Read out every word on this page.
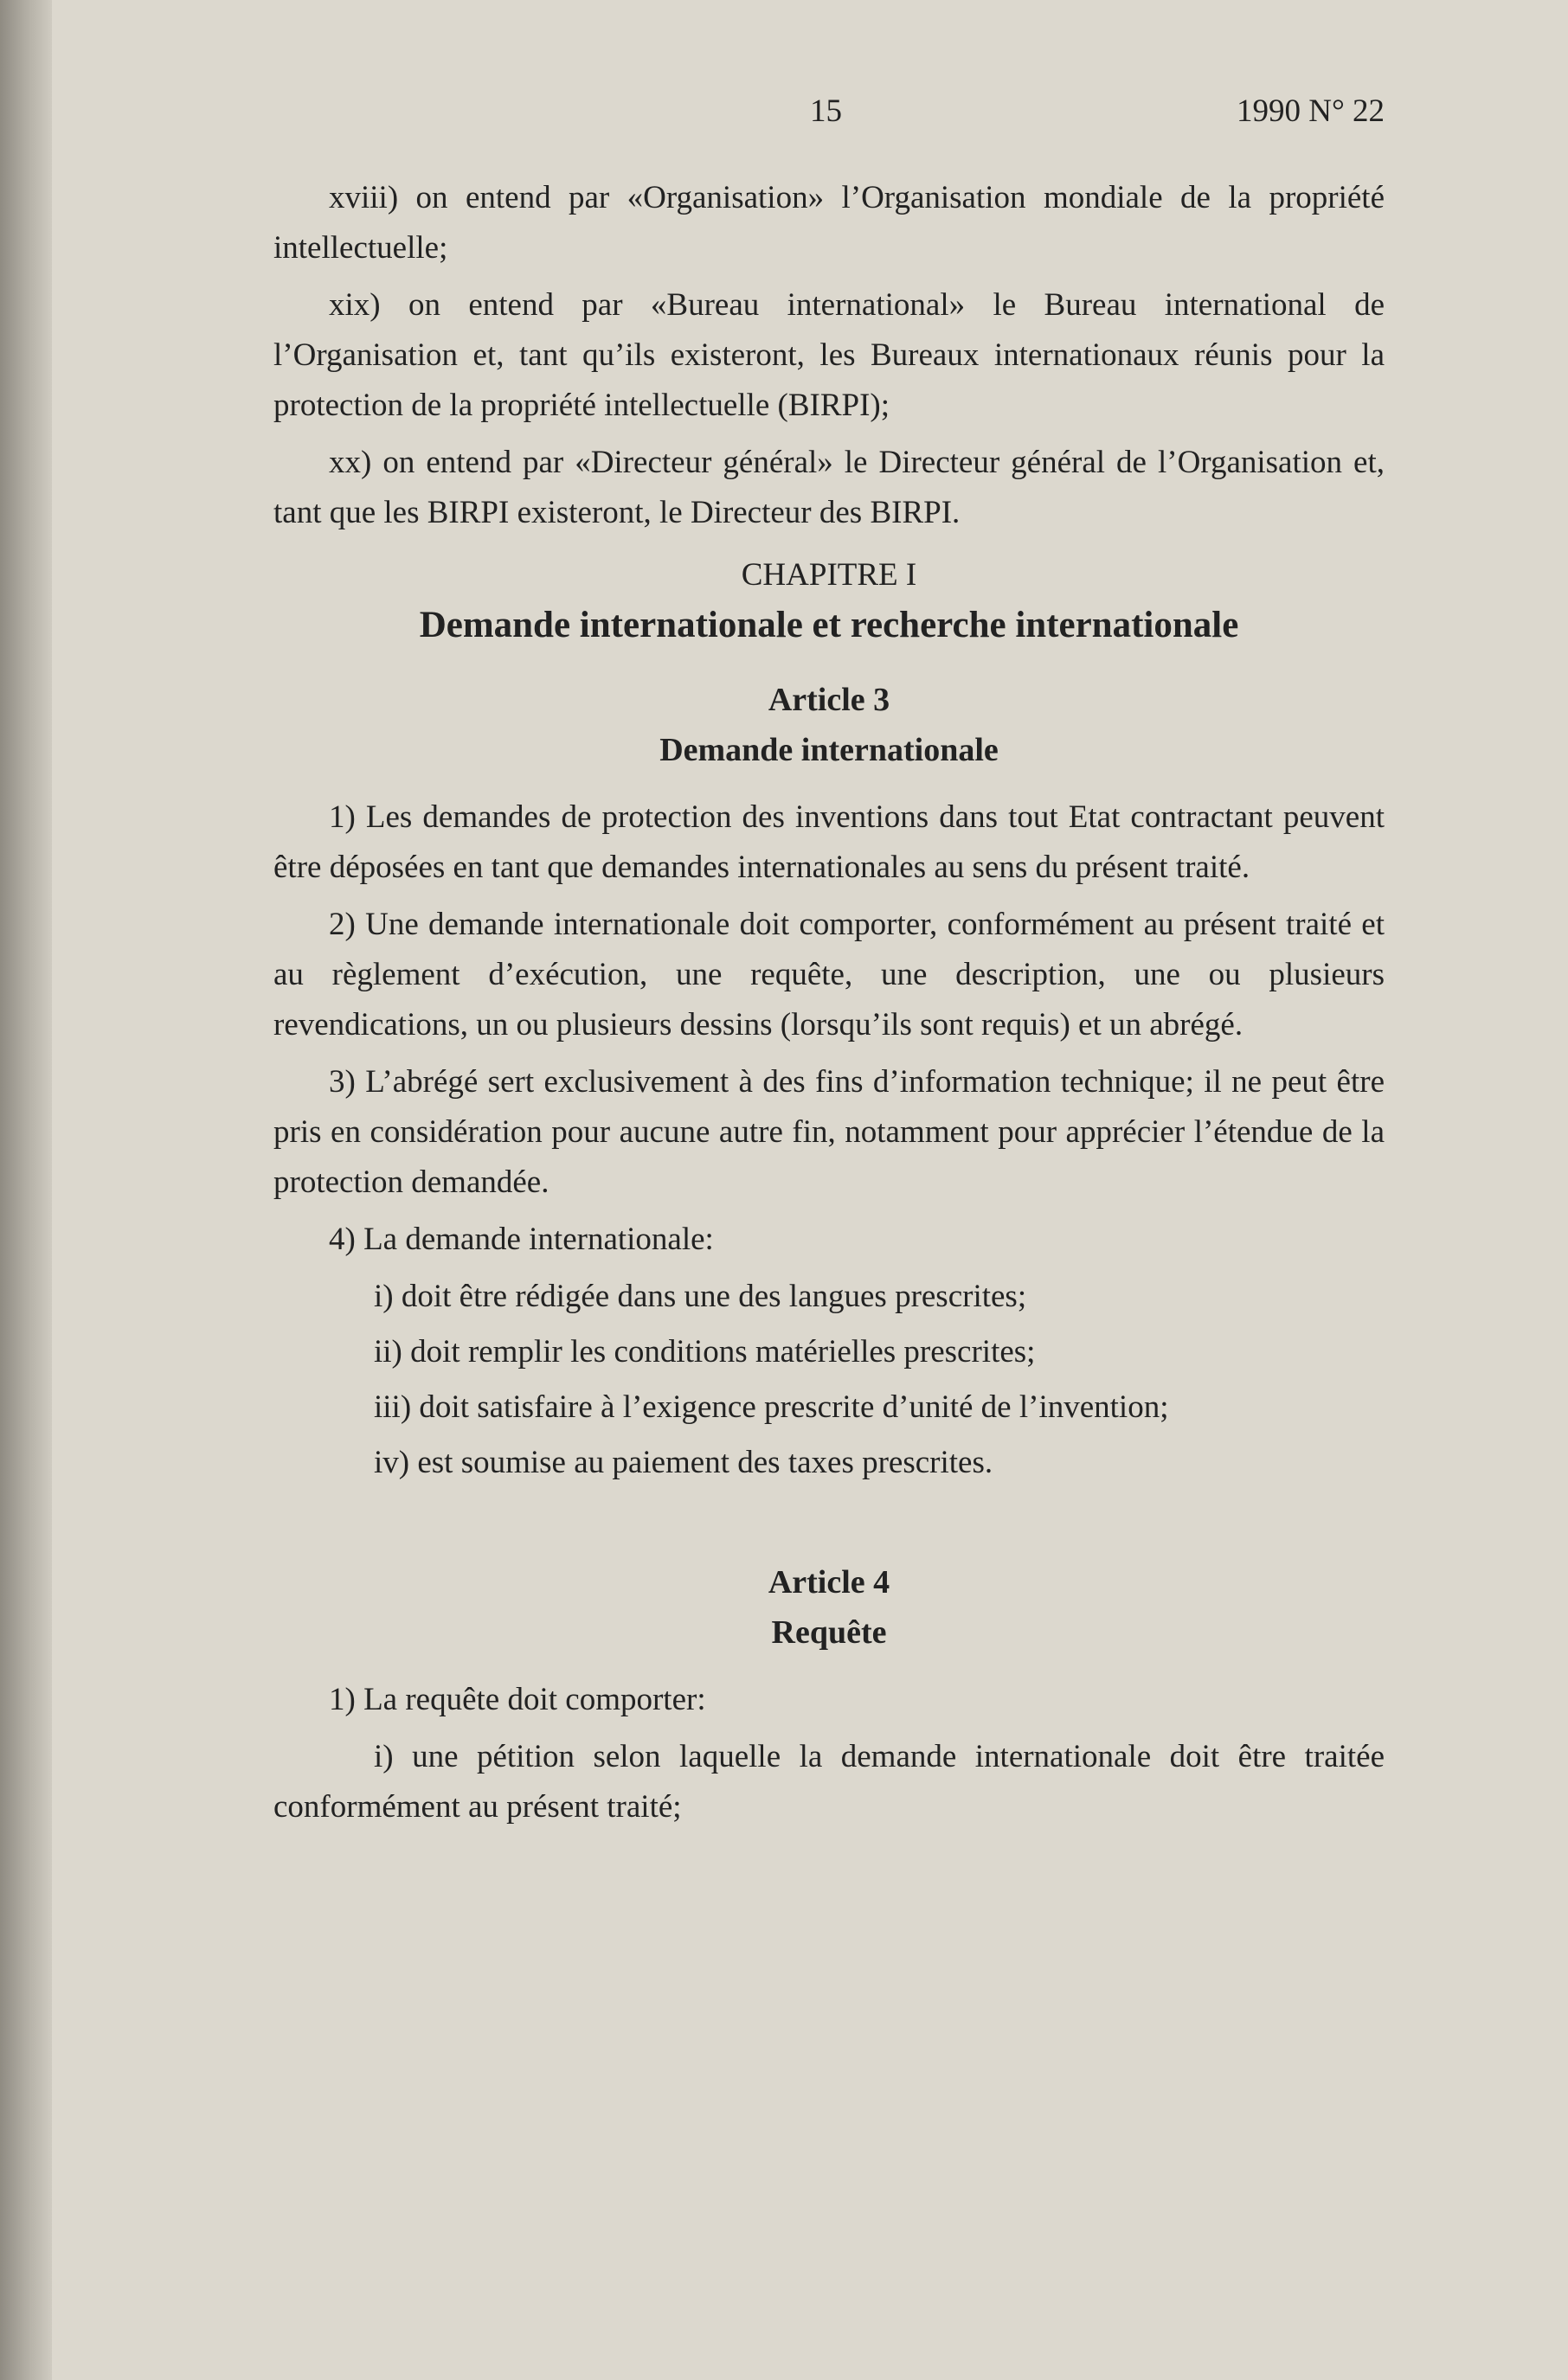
15	1990 N° 22

xviii) on entend par «Organisation» l’Organisation mondiale de la propriété intellectuelle;

xix) on entend par «Bureau international» le Bureau international de l’Organisation et, tant qu’ils existeront, les Bureaux internationaux réunis pour la protection de la propriété intellectuelle (BIRPI);

xx) on entend par «Directeur général» le Directeur général de l’Organisation et, tant que les BIRPI existeront, le Directeur des BIRPI.

CHAPITRE I
Demande internationale et recherche internationale
Article 3
Demande internationale

1) Les demandes de protection des inventions dans tout Etat contractant peuvent être déposées en tant que demandes internationales au sens du présent traité.

2) Une demande internationale doit comporter, conformément au présent traité et au règlement d’exécution, une requête, une description, une ou plusieurs revendications, un ou plusieurs dessins (lorsqu’ils sont requis) et un abrégé.

3) L’abrégé sert exclusivement à des fins d’information technique; il ne peut être pris en considération pour aucune autre fin, notamment pour apprécier l’étendue de la protection demandée.

4) La demande internationale:

i) doit être rédigée dans une des langues prescrites;

ii) doit remplir les conditions matérielles prescrites;

iii) doit satisfaire à l’exigence prescrite d’unité de l’invention;

iv) est soumise au paiement des taxes prescrites.

Article 4
Requête

1) La requête doit comporter:

i) une pétition selon laquelle la demande internationale doit être traitée conformément au présent traité;
